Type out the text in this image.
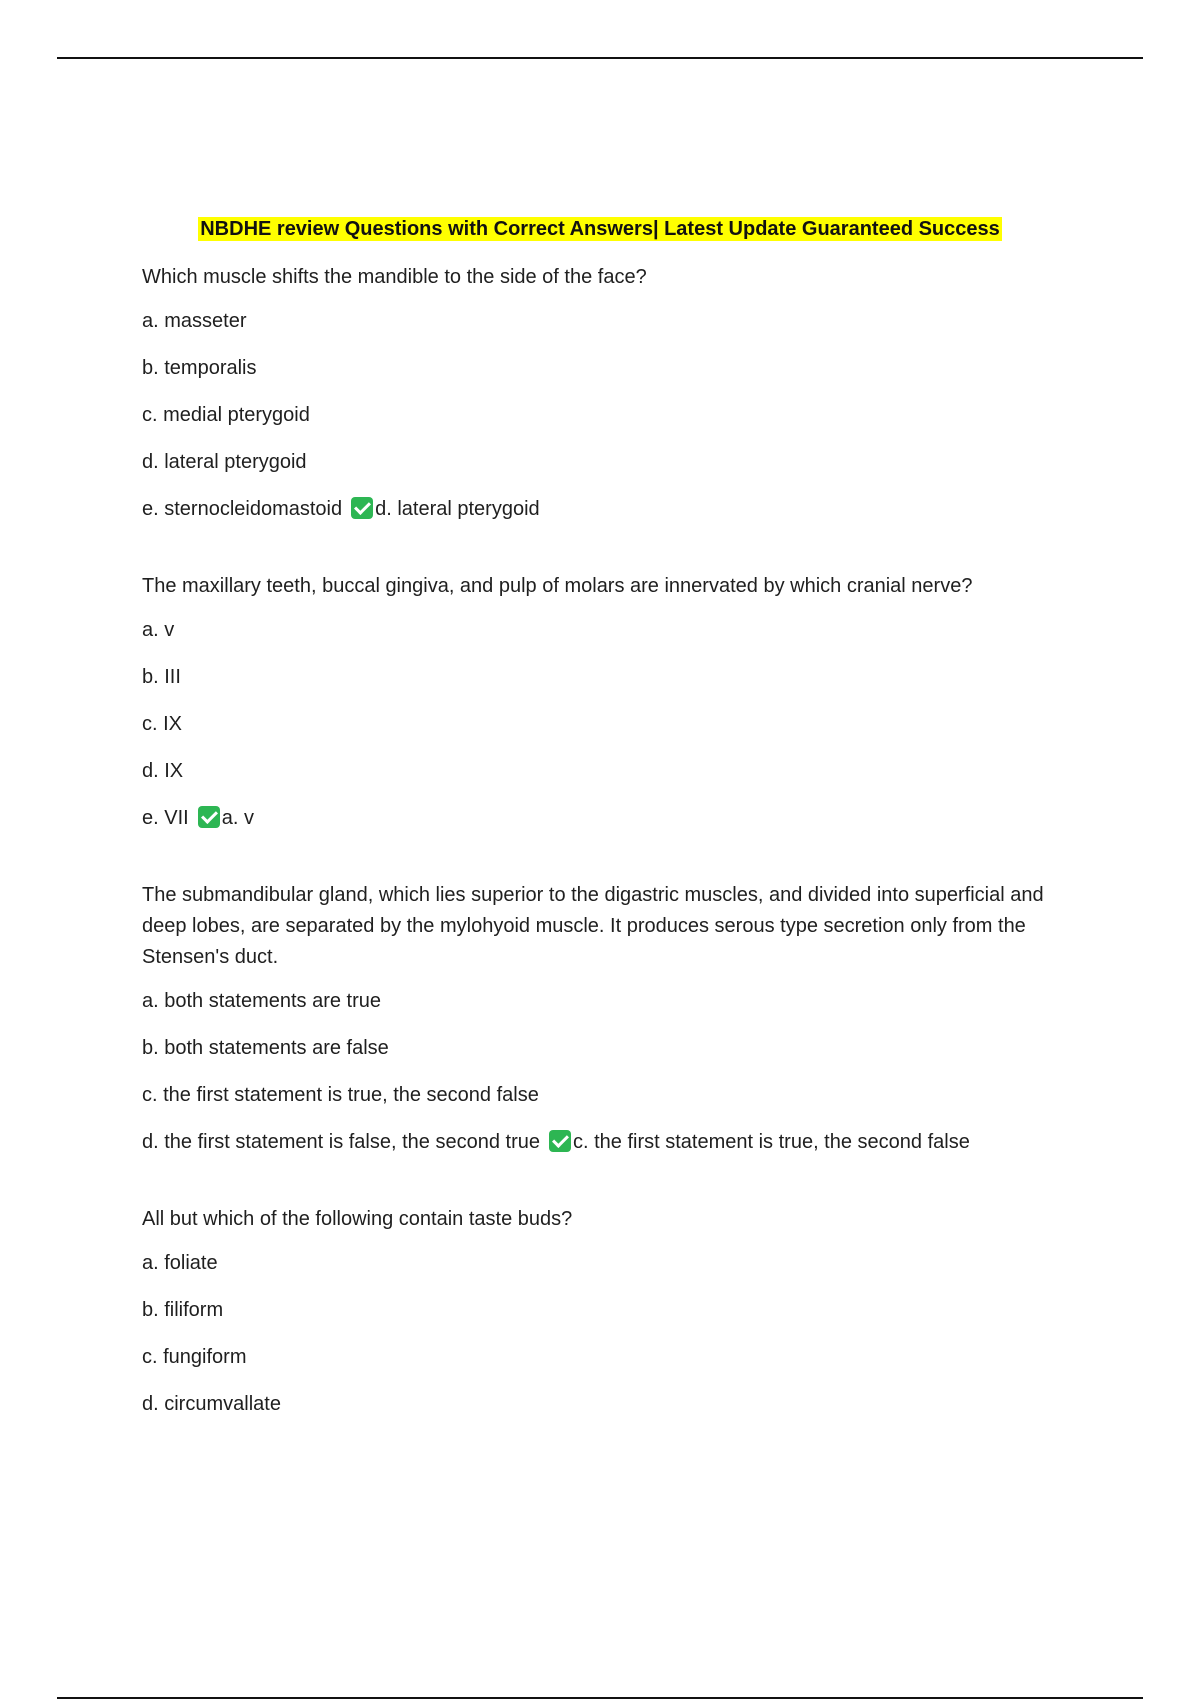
NBDHE review Questions with Correct Answers| Latest Update Guaranteed Success

Which muscle shifts the mandible to the side of the face?

a. masseter
b. temporalis
c. medial pterygoid
d. lateral pterygoid
e. sternocleidomastoid d. lateral pterygoid

The maxillary teeth, buccal gingiva, and pulp of molars are innervated by which cranial nerve?

a. v
b. III
c. IX
d. IX
e. VII a. v

The submandibular gland, which lies superior to the digastric muscles, and divided into superficial and deep lobes, are separated by the mylohyoid muscle. It produces serous type secretion only from the Stensen's duct.

a. both statements are true
b. both statements are false
c. the first statement is true, the second false
d. the first statement is false, the second true c. the first statement is true, the second false

All but which of the following contain taste buds?

a. foliate
b. filiform
c. fungiform
d. circumvallate
